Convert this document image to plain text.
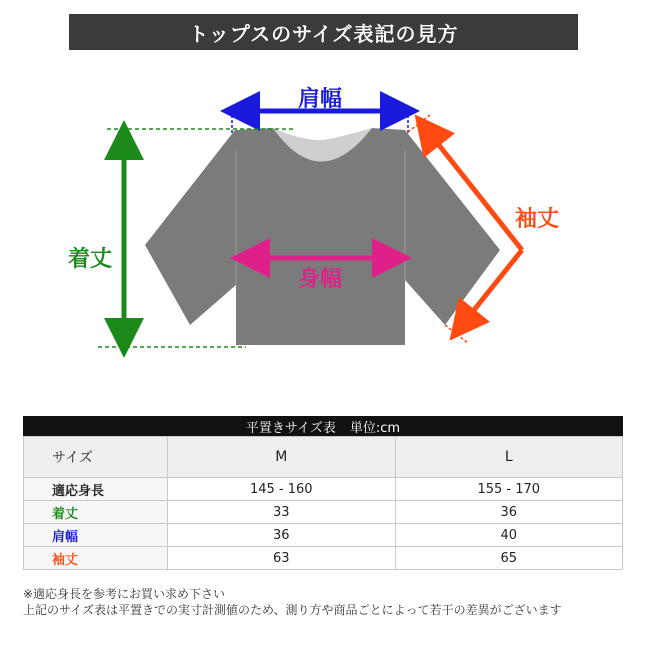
トップスのサイズ表記の見方
肩幅
着丈
袖丈
身幅
平置きサイズ表 単位:cm
サイズ	M	L
適応身長	145 - 160	155 - 170
着丈	33	36
肩幅	36	40
袖丈	63	65
※適応身長を参考にお買い求め下さい
上記のサイズ表は平置きでの実寸計測値のため、測り方や商品ごとによって若干の差異がございます
